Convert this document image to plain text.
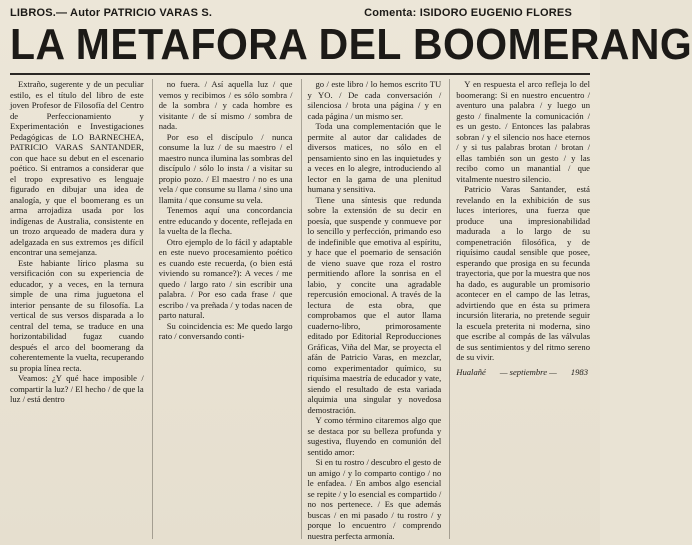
LIBROS.— Autor PATRICIO VARAS S.	Comenta: ISIDORO EUGENIO FLORES
LA METAFORA DEL BOOMERANG

Extraño, sugerente y de un peculiar estilo, es el título del libro de este joven Profesor de Filosofía del Centro de Perfeccionamiento y Experimentación e Investigaciones Pedagógicas de LO BARNECHEA, PATRICIO VARAS SANTANDER, con que hace su debut en el escenario poético. Si entramos a considerar que el tropo expresativo es lenguaje figurado en dibujar una idea de analogía, y que el boomerang es un arma arrojadiza usada por los indígenas de Australia, consistente en un trozo arqueado de madera dura y adelgazada en sus extremos ¡es difícil encontrar una semejanza.

Este habiante lírico plasma su versificación con su experiencia de educador, y a veces, en la ternura simple de una rima juguetona el interior pensante de su filosofía. La vertical de sus versos disparada a lo central del tema, se traduce en una horizontabilidad fugaz cuando después el arco del boomerang da coherentemente la vuelta, recuperando su propia línea recta.

Veamos: ¿Y qué hace imposible / compartir la luz? / El hecho / de que la luz / está dentro

no fuera. / Así aquella luz / que vemos y recibimos / es sólo sombra / de la sombra / y cada hombre es visitante / de sí mismo / sombra de nada.

Por eso el discípulo / nunca consume la luz / de su maestro / el maestro nunca ilumina las sombras del discípulo / sólo lo insta / a visitar su propio pozo. / El maestro / no es una vela / que consume su llama / sino una llamita / que consume su vela.

Tenemos aquí una concordancia entre educando y docente, reflejada en la vuelta de la flecha.

Otro ejemplo de lo fácil y adaptable en este nuevo procesamiento poético es cuando este recuerda, (o bien está viviendo su romance?): A veces / me quedo / largo rato / sin escribir una palabra. / Por eso cada frase / que escribo / va preñada / y todas nacen de parto natural.

Su coincidencia es: Me quedo largo rato / conversando conti-

go / este libro / lo hemos escrito TU y YO. / De cada conversación / silenciosa / brota una página / y en cada página / un mismo ser.

Toda una complementación que le permite al autor dar calidades de diversos matices, no sólo en el pensamiento sino en las inquietudes y a veces en lo alegre, introduciendo al lector en la gama de una plenitud humana y sensitiva.

Tiene una síntesis que redunda sobre la extensión de su decir en poesía, que suspende y conmueve por lo sencillo y perfección, primando eso de indefinible que emotiva al espíritu, y hace que el poemario de sensación de vieno suave que roza el rostro permitiendo aflore la sonrisa en el labio, y concite una agradable repercusión emocional. A través de la lectura de esta obra, que comprobamos que el autor llama cuaderno-libro, primorosamente editado por Editorial Reproducciones Gráficas, Viña del Mar, se proyecta el afán de Patricio Varas, en mezclar, como experimentador químico, su riquísima maestría de educador y vate, siendo el resultado de esta variada alquimia una singular y novedosa demostración.

Y como término citaremos algo que se destaca por su belleza profunda y sugestiva, fluyendo en comunión del sentido amor:

Si en tu rostro / descubro el gesto de un amigo / y lo comparto contigo / no le enfadea. / En ambos algo esencial se repite / y lo esencial es compartido / no nos pertenece. / Es que además buscas / en mi pasado / tu rostro / y porque lo encuentro / comprendo nuestra perfecta armonía.

Y en respuesta el arco refleja lo del boomerang: Si en nuestro encuentro / aventuro una palabra / y luego un gesto / finalmente la comunicación / es un gesto. / Entonces las palabras sobran / y el silencio nos hace eternos / y si tus palabras brotan / brotan / ellas también son un gesto / y las recibo como un manantial / que vitalmente nuestro silencio.

Patricio Varas Santander, está revelando en la exhibición de sus luces interiores, una fuerza que produce una impresionabilidad madurada a lo largo de su compenetración filosófica, y de riquísimo caudal sensible que posee, esperando que prosiga en su fecunda trayectoria, que por la muestra que nos ha dado, es augurable un promisorio acontecer en el campo de las letras, advirtiendo que en ésta su primera incursión literaria, no pretende seguir la escuela preterita ni moderna, sino que escribe al compás de las válvulas de sus sentimientos y del ritmo sereno de su vivir.

Hualañé — septiembre — 1983
